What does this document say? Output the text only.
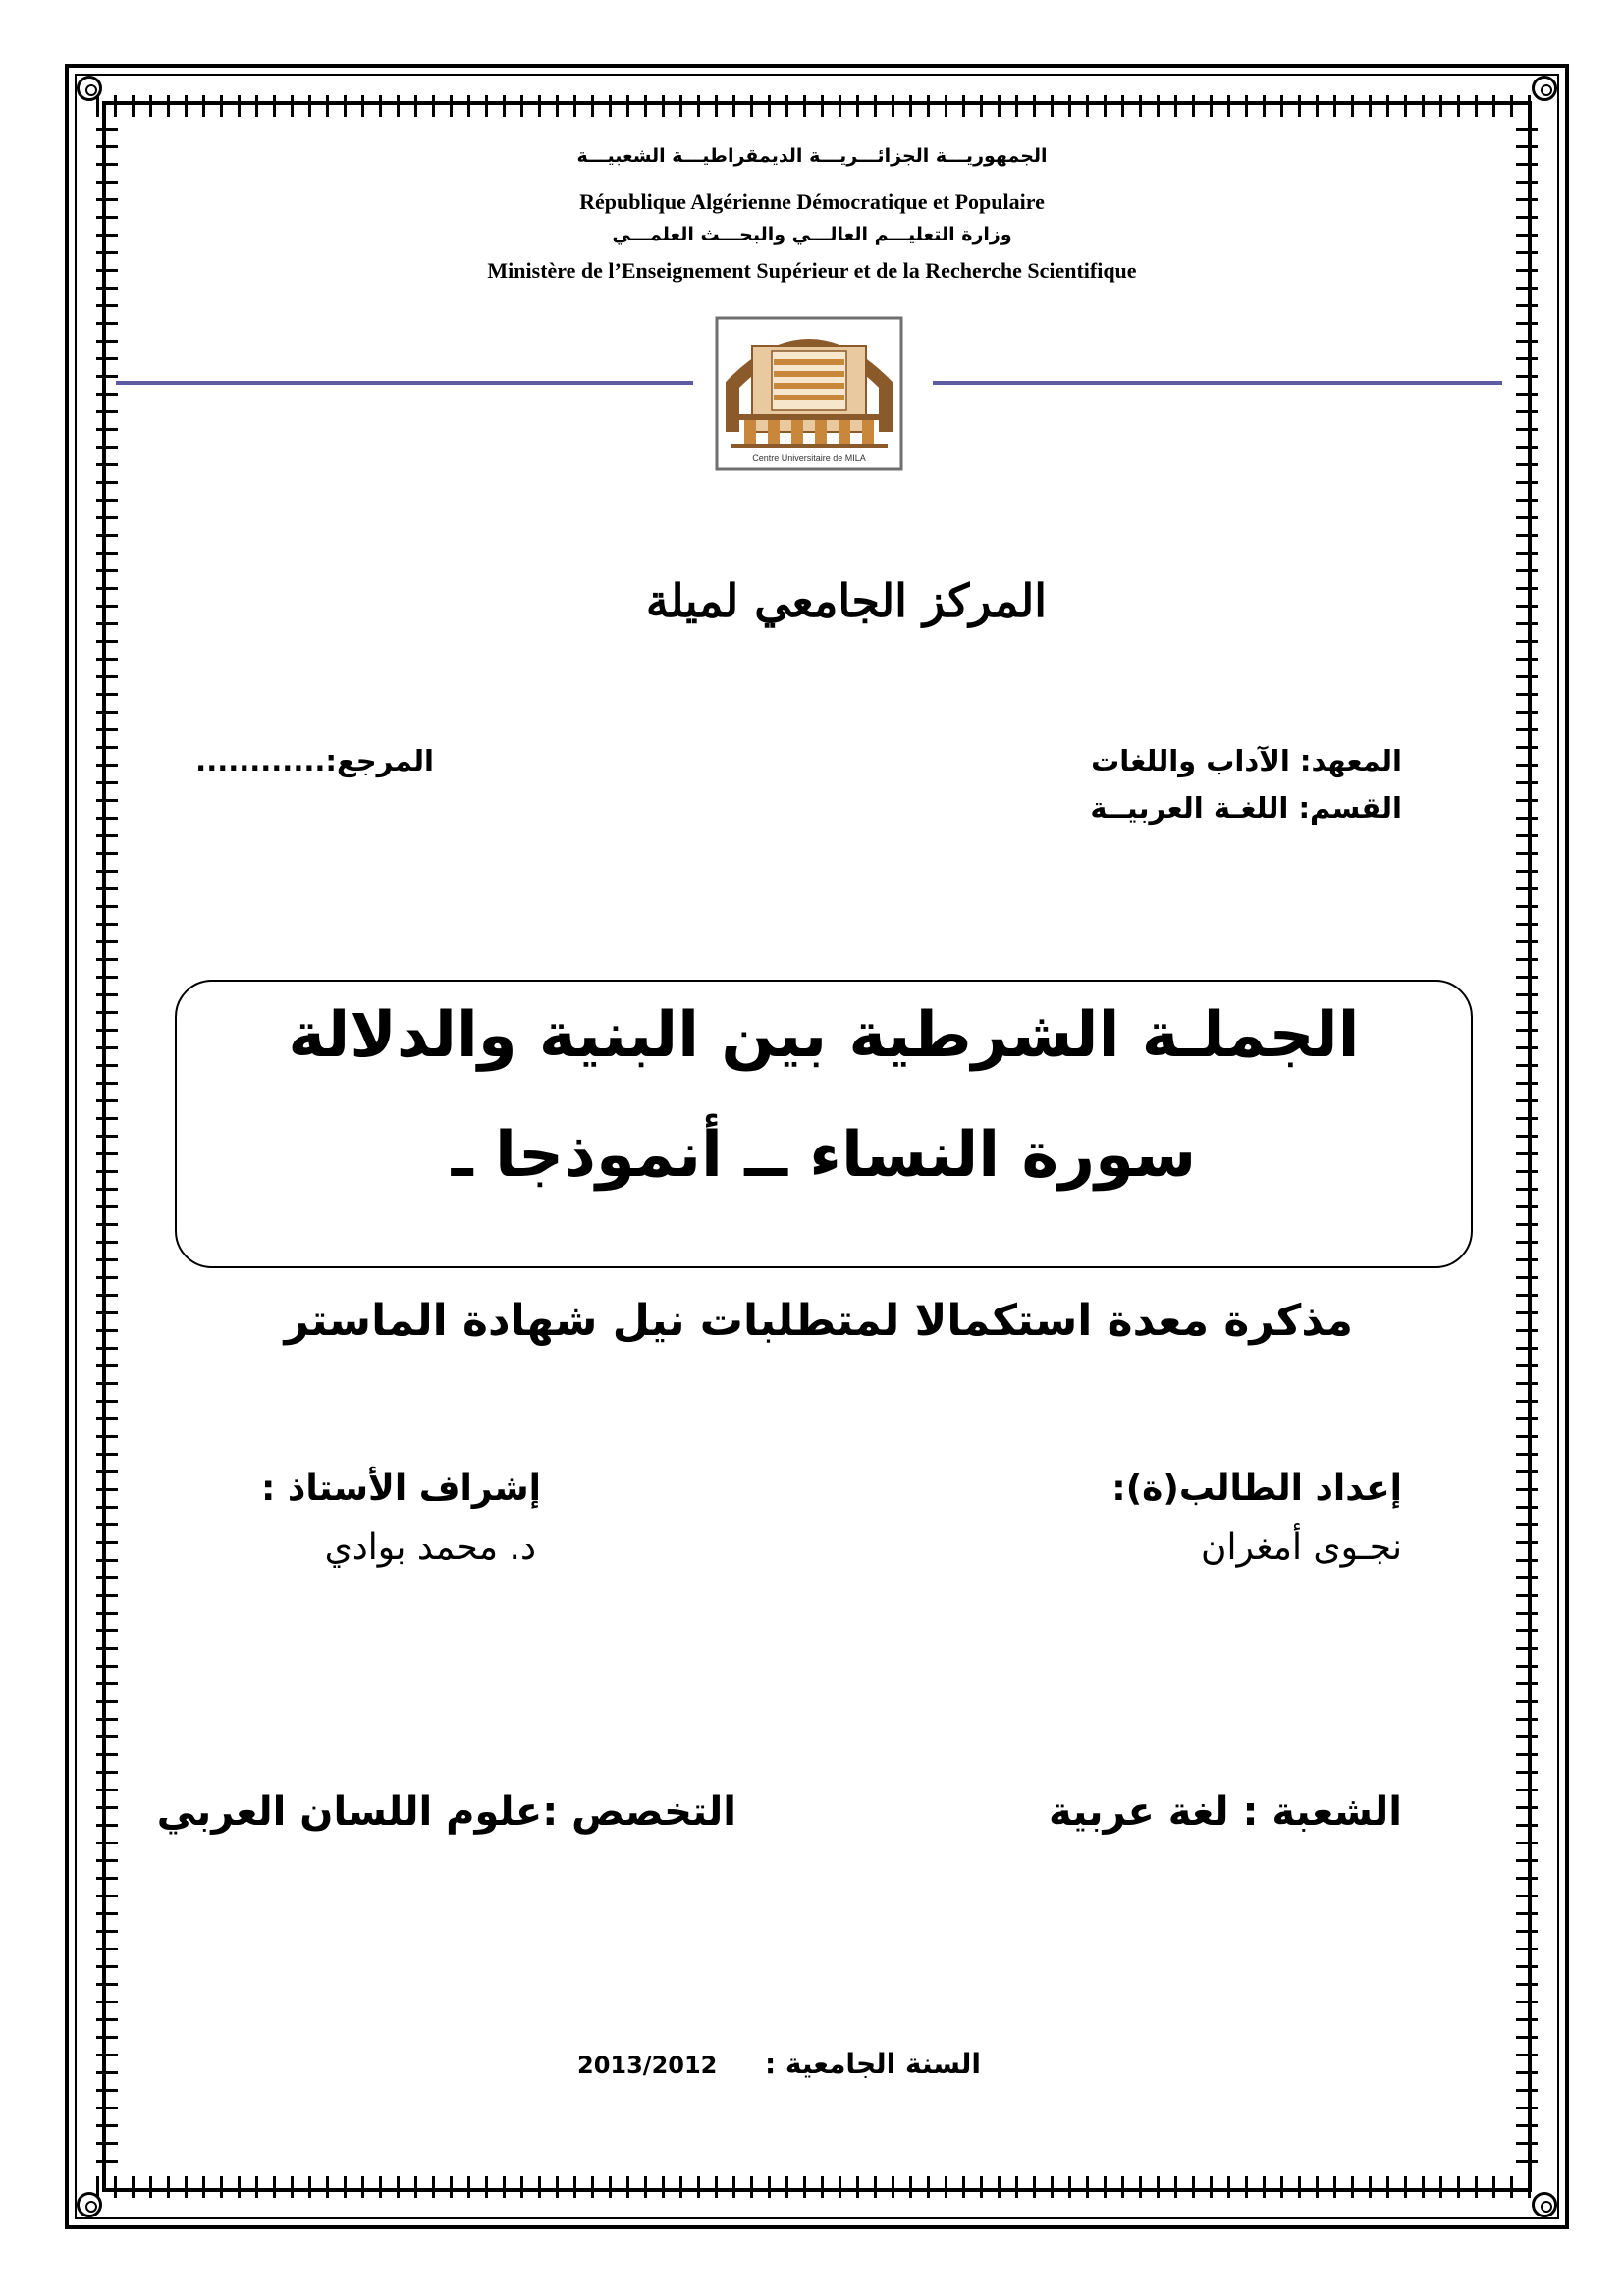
الجمهوريـــة الجزائـــريـــة الديمقراطيـــة الشعبيـــة
République Algérienne Démocratique et Populaire
وزارة التعليـــم العالـــي والبحـــث العلمـــي
Ministère de l’Enseignement Supérieur et de la Recherche Scientifique
Centre Universitaire de MILA
المركز الجامعي لميلة
المعهد: الآداب واللغات
القسم: اللغـة العربيــة
المرجع:............
الجملـة الشرطية بين البنية والدلالة
سورة النساء ــ أنموذجا ـ
مذكرة معدة استكمالا لمتطلبات نيل شهادة الماستر
إعداد الطالب(ة):
نجـوى أمغران
إشراف الأستاذ :
د. محمد بوادي
الشعبة : لغة عربية
التخصص :علوم اللسان العربي
السنة الجامعية :
2013/2012
